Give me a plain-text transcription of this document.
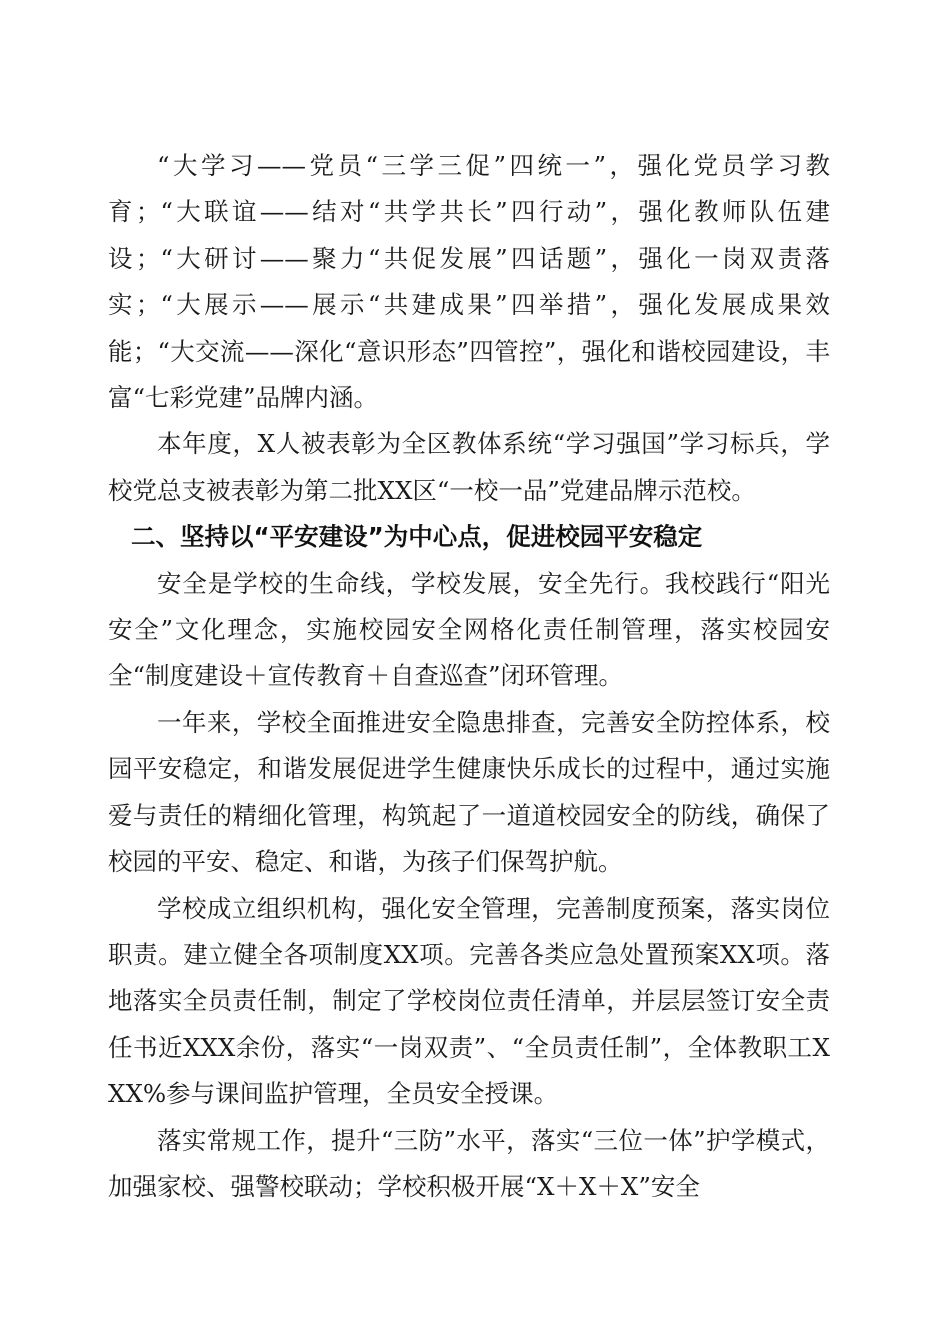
“大学习——党员“三学三促”四统一”，强化党员学习教育；“大联谊——结对“共学共长”四行动”，强化教师队伍建设；“大研讨——聚力“共促发展”四话题”，强化一岗双责落实；“大展示——展示“共建成果”四举措”，强化发展成果效能；“大交流——深化“意识形态”四管控”，强化和谐校园建设，丰富“七彩党建”品牌内涵。

本年度，X人被表彰为全区教体系统“学习强国”学习标兵，学校党总支被表彰为第二批XX区“一校一品”党建品牌示范校。

二、坚持以“平安建设”为中心点，促进校园平安稳定

安全是学校的生命线，学校发展，安全先行。我校践行“阳光安全”文化理念，实施校园安全网格化责任制管理，落实校园安全“制度建设＋宣传教育＋自查巡查”闭环管理。

一年来，学校全面推进安全隐患排查，完善安全防控体系，校园平安稳定，和谐发展促进学生健康快乐成长的过程中，通过实施爱与责任的精细化管理，构筑起了一道道校园安全的防线，确保了校园的平安、稳定、和谐，为孩子们保驾护航。

学校成立组织机构，强化安全管理，完善制度预案，落实岗位职责。建立健全各项制度XX项。完善各类应急处置预案XX项。落地落实全员责任制，制定了学校岗位责任清单，并层层签订安全责任书近XXX余份，落实“一岗双责”、“全员责任制”，全体教职工XXX%参与课间监护管理，全员安全授课。

落实常规工作，提升“三防”水平，落实“三位一体”护学模式，加强家校、强警校联动；学校积极开展“X＋X＋X”安全
